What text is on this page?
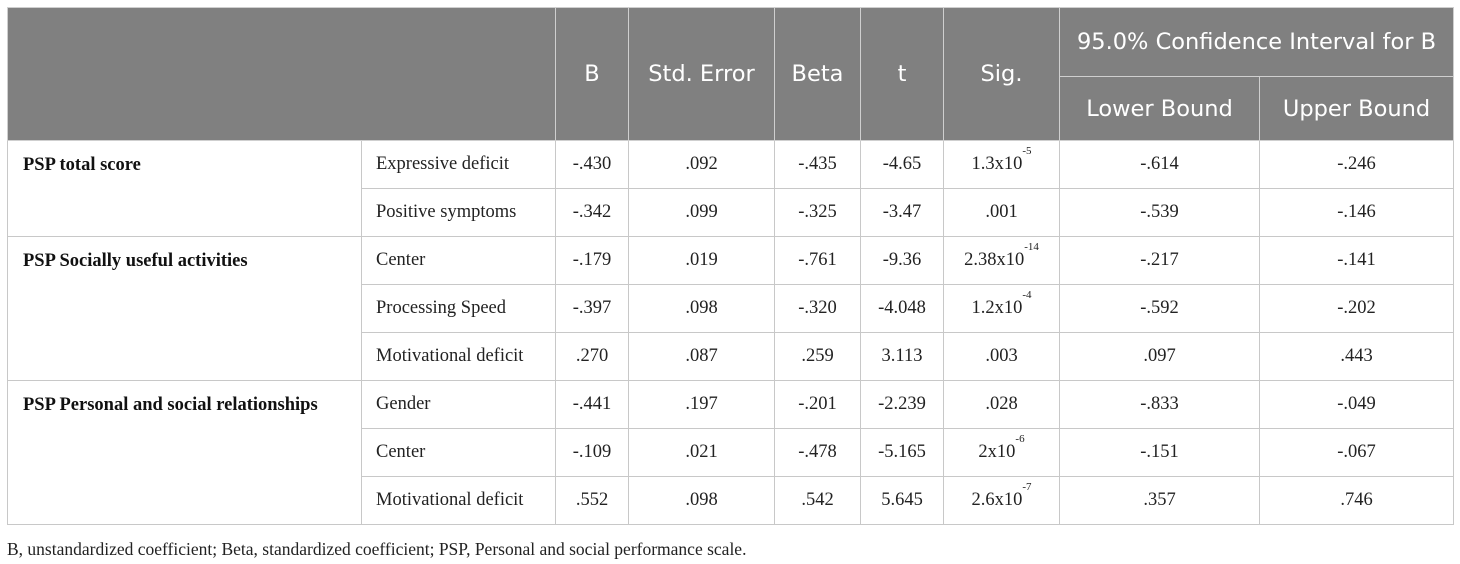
		B	Std. Error	Beta	t	Sig.	95.0% Confidence Interval for B	
							Lower Bound	Upper Bound
PSP total score	Expressive deficit	-.430	.092	-.435	-4.65	$1.3x10^{-5}$	-.614	-.246
	Positive symptoms	-.342	.099	-.325	-3.47	.001	-.539	-.146
PSP Socially useful activities	Center	-.179	.019	-.761	-9.36	$2.38x10^{-14}$	-.217	-.141
	Processing Speed	-.397	.098	-.320	-4.048	$1.2x10^{-4}$	-.592	-.202
	Motivational deficit	.270	.087	.259	3.113	.003	.097	.443
PSP Personal and social relationships	Gender	-.441	.197	-.201	-2.239	.028	-.833	-.049
	Center	-.109	.021	-.478	-5.165	$2x10^{-6}$	-.151	-.067
	Motivational deficit	.552	.098	.542	5.645	$2.6x10^{-7}$	.357	.746
B, unstandardized coefficient; Beta, standardized coefficient; PSP, Personal and social performance scale.
